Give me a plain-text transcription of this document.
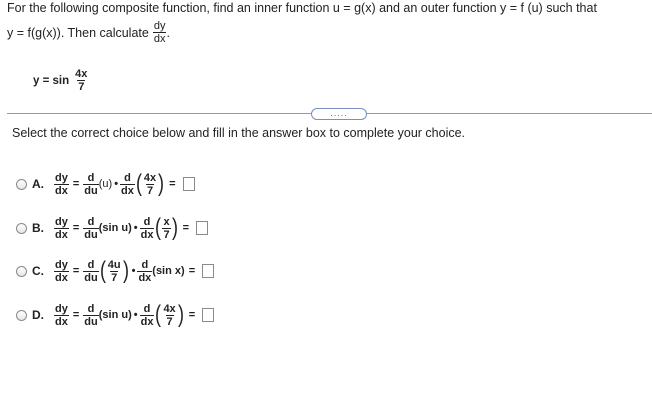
For the following composite function, find an inner function u = g(x) and an outer function y = f (u) such that
y = f(g(x)). Then calculate $\frac{dy}{dx}$ .
$y = \sin \frac{4x}{7}$
.....
Select the correct choice below and fill in the answer box to complete your choice.
A. $\frac{dy}{dx} = \frac{d}{du} (u)$ • $\frac{d}{dx}$ ( $\frac{4x}{7}$ ) =
B. $\frac{dy}{dx} = \frac{d}{du} (\sin$ u) • $\frac{d}{dx}$ ( $\frac{x}{7}$ ) =
C. $\frac{dy}{dx} = \frac{d}{du}$ ( $\frac{4u}{7}$ ) • $\frac{d}{dx} (\sin$ x) =
D. $\frac{dy}{dx} = \frac{d}{du} (\sin$ u) • $\frac{d}{dx}$ ( $\frac{4x}{7}$ ) =
